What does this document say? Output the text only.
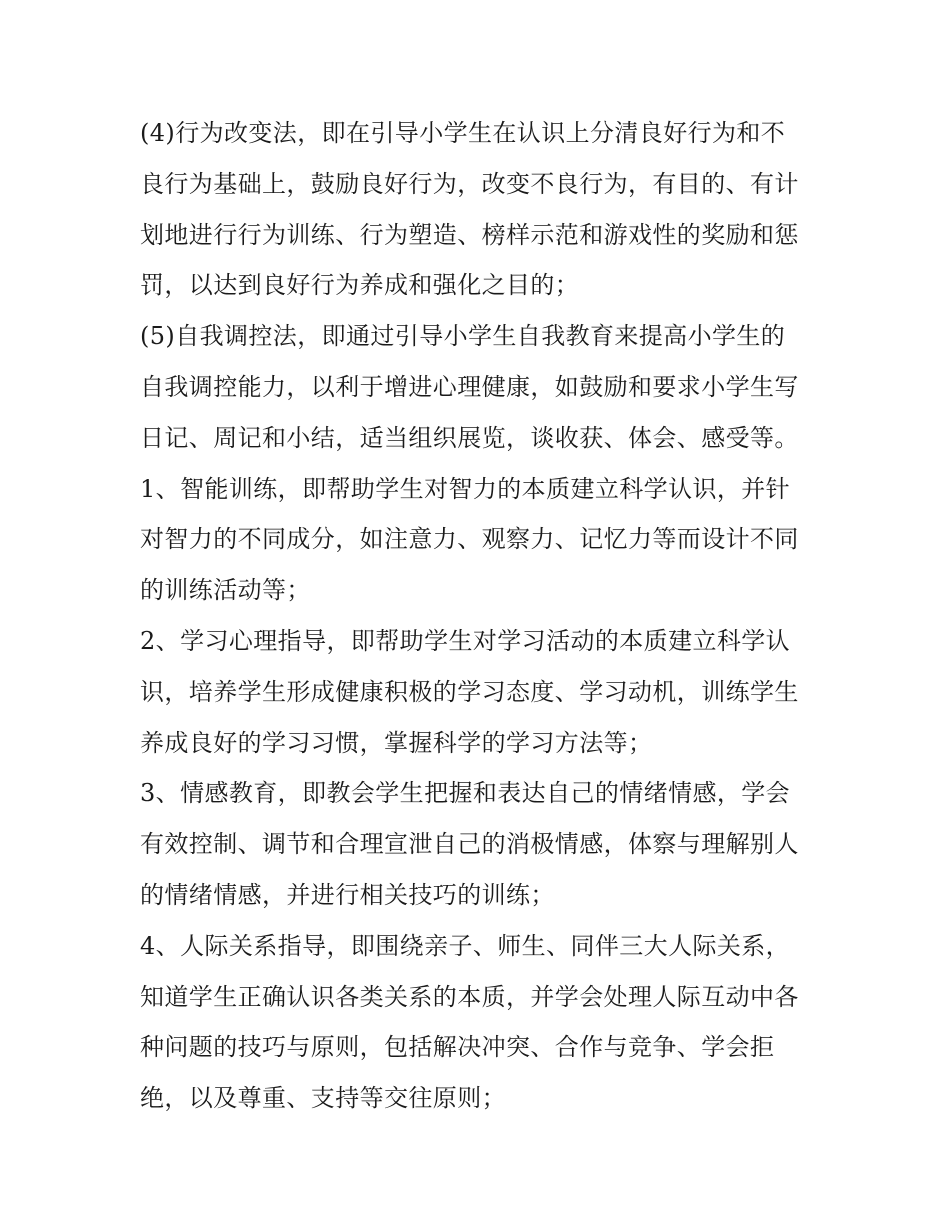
(4)行为改变法，即在引导小学生在认识上分清良好行为和不
良行为基础上，鼓励良好行为，改变不良行为，有目的、有计
划地进行行为训练、行为塑造、榜样示范和游戏性的奖励和惩
罚，以达到良好行为养成和强化之目的；
(5)自我调控法，即通过引导小学生自我教育来提高小学生的
自我调控能力，以利于增进心理健康，如鼓励和要求小学生写
日记、周记和小结，适当组织展览，谈收获、体会、感受等。
1、智能训练，即帮助学生对智力的本质建立科学认识，并针
对智力的不同成分，如注意力、观察力、记忆力等而设计不同
的训练活动等；
2、学习心理指导，即帮助学生对学习活动的本质建立科学认
识，培养学生形成健康积极的学习态度、学习动机，训练学生
养成良好的学习习惯，掌握科学的学习方法等；
3、情感教育，即教会学生把握和表达自己的情绪情感，学会
有效控制、调节和合理宣泄自己的消极情感，体察与理解别人
的情绪情感，并进行相关技巧的训练；
4、人际关系指导，即围绕亲子、师生、同伴三大人际关系，
知道学生正确认识各类关系的本质，并学会处理人际互动中各
种问题的技巧与原则，包括解决冲突、合作与竞争、学会拒
绝，以及尊重、支持等交往原则；
